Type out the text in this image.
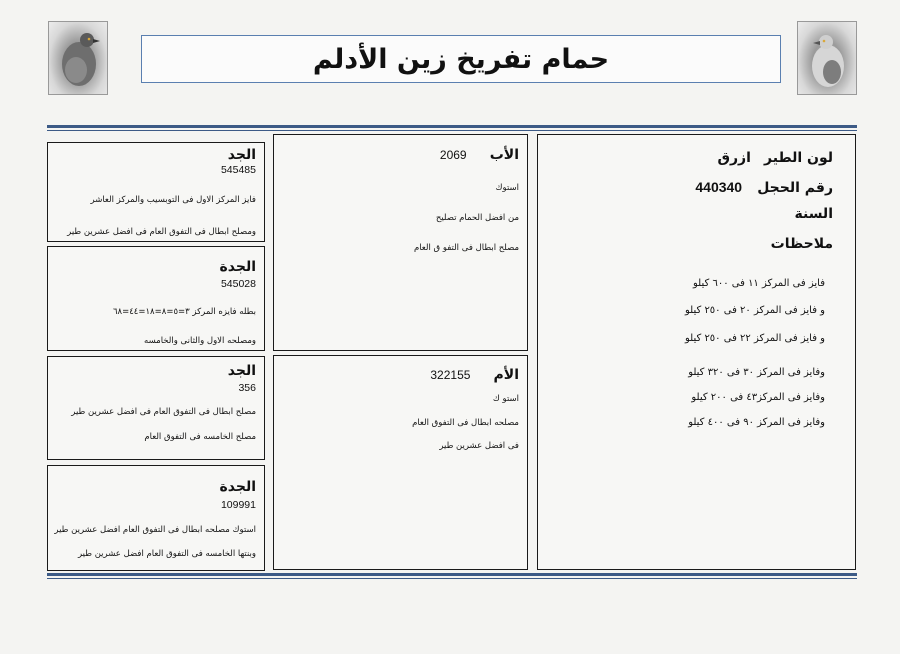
حمام تفريخ زين الأدلم
لون الطير ازرق
رقم الحجل 440340
السنة
ملاحظات
فايز فى المركز ١١ فى ٦٠٠ كيلو
و فايز فى المركز ٢٠ فى ٢٥٠ كيلو
و فايز فى المركز ٢٢ فى ٢٥٠ كيلو
وفايز فى المركز ٣٠ فى ٣٢٠ كيلو
وفايز فى المركز٤٣ فى ٢٠٠ كيلو
وفايز فى المركز ٩٠ فى ٤٠٠ كيلو
الأب 2069
استوك
من افضل الحمام تصليح
مصلح ابطال فى التفو ق العام
الأم 322155
استو ك
مصلحه ابطال فى التفوق العام
فى افضل عشرين طير
الجد
545485
فايز المركز الاول فى التوبسيب والمركز العاشر
ومصلح ابطال فى التفوق العام فى افضل عشرين طير
الجدة
545028
بطله فايزه المركز ٣=٥=٨=١٨=٤٤=٦٨
ومصلحه الاول والثانى والخامسه
الجد
356
مصلح ابطال فى التفوق العام فى افضل عشرين طير
مصلح الخامسه فى التفوق العام
الجدة
109991
استوك مصلحه ابطال فى التفوق العام افضل عشرين طير
وبنتها الخامسه فى التفوق العام افضل عشرين طير
